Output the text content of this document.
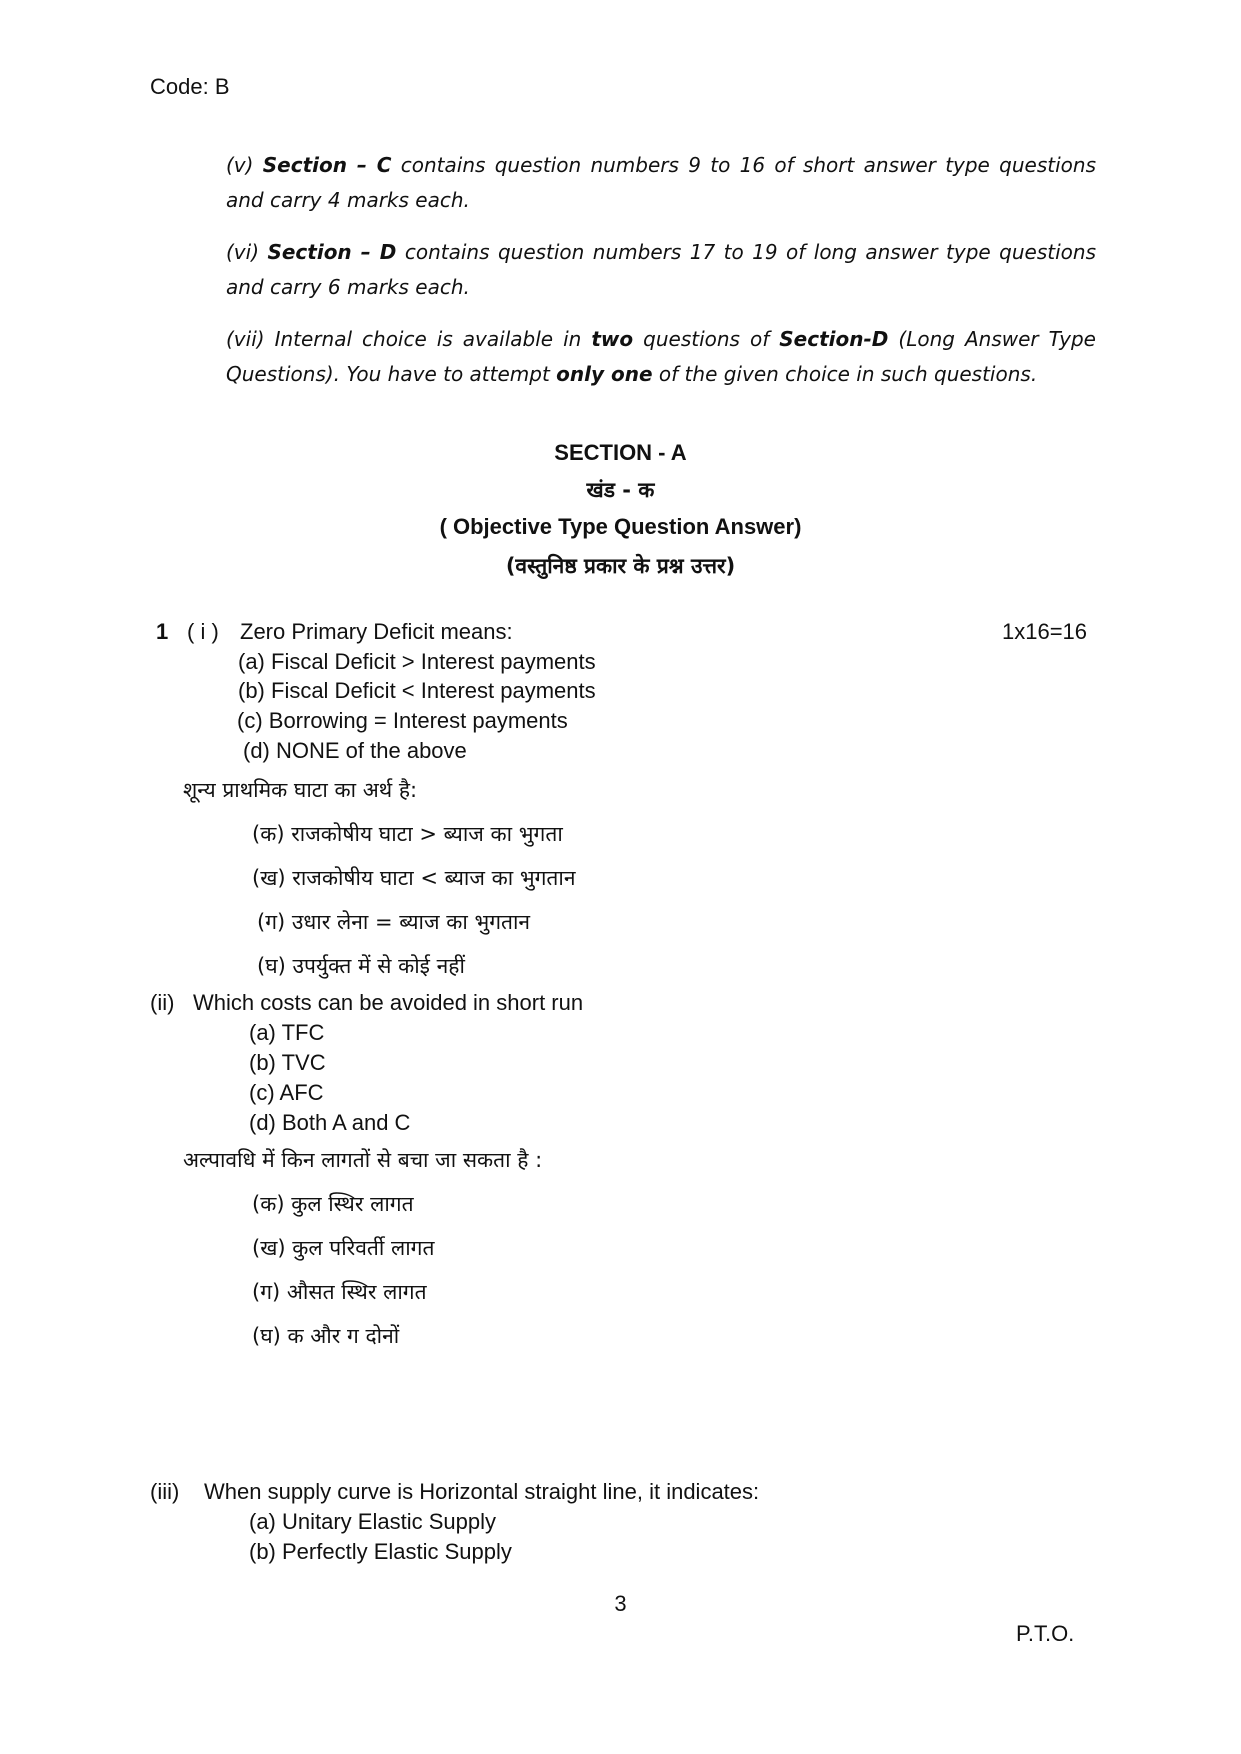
Code: B
(v) Section – C contains question numbers 9 to 16 of short answer type questions and carry 4 marks each.
(vi) Section – D contains question numbers 17 to 19 of long answer type questions and carry 6 marks each.
(vii) Internal choice is available in two questions of Section-D (Long Answer Type Questions). You have to attempt only one of the given choice in such questions.
SECTION - A
खंड - क
( Objective Type Question Answer)
(वस्तुनिष्ठ प्रकार के प्रश्न उत्तर)
1 ( i ) Zero Primary Deficit means:	1x16=16
(a) Fiscal Deficit > Interest payments
(b) Fiscal Deficit < Interest payments
(c) Borrowing = Interest payments
(d) NONE of the above
शून्य प्राथमिक घाटा का अर्थ है:
(क) राजकोषीय घाटा > ब्याज का भुगता
(ख) राजकोषीय घाटा < ब्याज का भुगतान
(ग) उधार लेना = ब्याज का भुगतान
(घ) उपर्युक्त में से कोई नहीं
(ii) Which costs can be avoided in short run
(a) TFC
(b) TVC
(c) AFC
(d) Both A and C
अल्पावधि में किन लागतों से बचा जा सकता है :
(क) कुल स्थिर लागत
(ख) कुल परिवर्ती लागत
(ग) औसत स्थिर लागत
(घ) क और ग दोनों
(iii) When supply curve is Horizontal straight line, it indicates:
(a) Unitary Elastic Supply
(b) Perfectly Elastic Supply
3
P.T.O.
